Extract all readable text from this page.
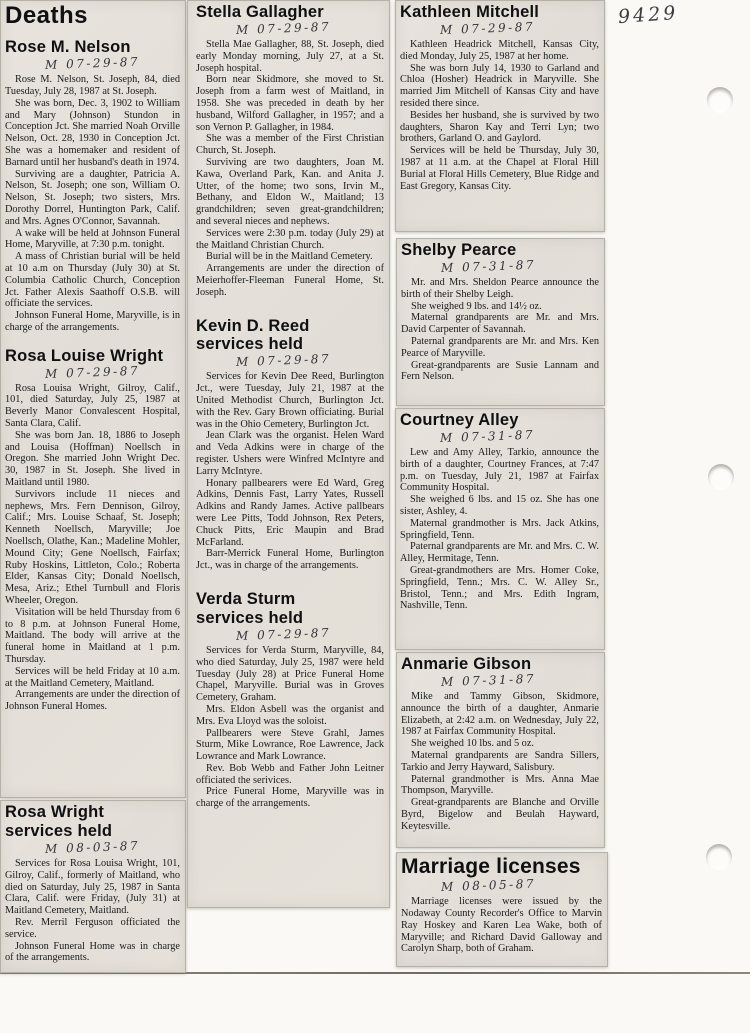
9429
Deaths
Rose M. Nelson
M 07-29-87

Rose M. Nelson, St. Joseph, 84, died Tuesday, July 28, 1987 at St. Joseph.

She was born, Dec. 3, 1902 to William and Mary (Johnson) Stundon in Conception Jct. She married Noah Orville Nelson, Oct. 28, 1930 in Conception Jct. She was a homemaker and resident of Barnard until her husband's death in 1974.

Surviving are a daughter, Patricia A. Nelson, St. Joseph; one son, William O. Nelson, St. Joseph; two sisters, Mrs. Dorothy Dorrel, Huntington Park, Calif. and Mrs. Agnes O'Connor, Savannah.

A wake will be held at Johnson Funeral Home, Maryville, at 7:30 p.m. tonight.

A mass of Christian burial will be held at 10 a.m on Thursday (July 30) at St. Columbia Catholic Church, Conception Jct. Father Alexis Saathoff O.S.B. will officiate the services.

Johnson Funeral Home, Maryville, is in charge of the arrangements.

Rosa Louise Wright
M 07-29-87

Rosa Louisa Wright, Gilroy, Calif., 101, died Saturday, July 25, 1987 at Beverly Manor Convalescent Hospital, Santa Clara, Calif.

She was born Jan. 18, 1886 to Joseph and Louisa (Hoffman) Noellsch in Oregon. She married John Wright Dec. 30, 1987 in St. Joseph. She lived in Maitland until 1980.

Survivors include 11 nieces and nephews, Mrs. Fern Dennison, Gilroy, Calif.; Mrs. Louise Schaaf, St. Joseph; Kenneth Noellsch, Maryville; Joe Noellsch, Olathe, Kan.; Madeline Mohler, Mound City; Gene Noellsch, Fairfax; Ruby Hoskins, Littleton, Colo.; Roberta Elder, Kansas City; Donald Noellsch, Mesa, Ariz.; Ethel Turnbull and Floris Wheeler, Oregon.

Visitation will be held Thursday from 6 to 8 p.m. at Johnson Funeral Home, Maitland. The body will arrive at the funeral home in Maitland at 1 p.m. Thursday.

Services will be held Friday at 10 a.m. at the Maitland Cemetery, Maitland.

Arrangements are under the direction of Johnson Funeral Homes.

Rosa Wright
services held
M 08-03-87

Services for Rosa Louisa Wright, 101, Gilroy, Calif., formerly of Maitland, who died on Saturday, July 25, 1987 in Santa Clara, Calif. were Friday, (July 31) at Maitland Cemetery, Maitland.

Rev. Merril Ferguson officiated the service.

Johnson Funeral Home was in charge of the arrangements.

Stella Gallagher
M 07-29-87

Stella Mae Gallagher, 88, St. Joseph, died early Monday morning, July 27, at a St. Joseph hospital.

Born near Skidmore, she moved to St. Joseph from a farm west of Maitland, in 1958. She was preceded in death by her husband, Wilford Gallagher, in 1957; and a son Vernon P. Gallagher, in 1984.

She was a member of the First Christian Church, St. Joseph.

Surviving are two daughters, Joan M. Kawa, Overland Park, Kan. and Anita J. Utter, of the home; two sons, Irvin M., Bethany, and Eldon W., Maitland; 13 grandchildren; seven great-grandchildren; and several nieces and nephews.

Services were 2:30 p.m. today (July 29) at the Maitland Christian Church.

Burial will be in the Maitland Cemetery.

Arrangements are under the direction of Meierhoffer-Fleeman Funeral Home, St. Joseph.

Kevin D. Reed
services held
M 07-29-87

Services for Kevin Dee Reed, Burlington Jct., were Tuesday, July 21, 1987 at the United Methodist Church, Burlington Jct. with the Rev. Gary Brown officiating. Burial was in the Ohio Cemetery, Burlington Jct.

Jean Clark was the organist. Helen Ward and Veda Adkins were in charge of the register. Ushers were Winfred McIntyre and Larry McIntyre.

Honary pallbearers were Ed Ward, Greg Adkins, Dennis Fast, Larry Yates, Russell Adkins and Randy James. Active pallbears were Lee Pitts, Todd Johnson, Rex Peters, Chuck Pitts, Eric Maupin and Brad McFarland.

Barr-Merrick Funeral Home, Burlington Jct., was in charge of the arrangements.

Verda Sturm
services held
M 07-29-87

Services for Verda Sturm, Maryville, 84, who died Saturday, July 25, 1987 were held Tuesday (July 28) at Price Funeral Home Chapel, Maryville. Burial was in Groves Cemetery, Graham.

Mrs. Eldon Asbell was the organist and Mrs. Eva Lloyd was the soloist.

Pallbearers were Steve Grahl, James Sturm, Mike Lowrance, Roe Lawrence, Jack Lowrance and Mark Lowrance.

Rev. Bob Webb and Father John Leitner officiated the serivices.

Price Funeral Home, Maryville was in charge of the arrangements.

Kathleen Mitchell
M 07-29-87

Kathleen Headrick Mitchell, Kansas City, died Monday, July 25, 1987 at her home.

She was born July 14, 1930 to Garland and Chloa (Hosher) Headrick in Maryville. She married Jim Mitchell of Kansas City and have resided there since.

Besides her husband, she is survived by two daughters, Sharon Kay and Terri Lyn; two brothers, Garland O. and Gaylord.

Services will be held be Thursday, July 30, 1987 at 11 a.m. at the Chapel at Floral Hill Burial at Floral Hills Cemetery, Blue Ridge and East Gregory, Kansas City.

Shelby Pearce
M 07-31-87

Mr. and Mrs. Sheldon Pearce announce the birth of their Shelby Leigh.

She weighed 9 lbs. and 14½ oz.

Maternal grandparents are Mr. and Mrs. David Carpenter of Savannah.

Paternal grandparents are Mr. and Mrs. Ken Pearce of Maryville.

Great-grandparents are Susie Lannam and Fern Nelson.

Courtney Alley
M 07-31-87

Lew and Amy Alley, Tarkio, announce the birth of a daughter, Courtney Frances, at 7:47 p.m. on Tuesday, July 21, 1987 at Fairfax Community Hospital.

She weighed 6 lbs. and 15 oz. She has one sister, Ashley, 4.

Maternal grandmother is Mrs. Jack Atkins, Springfield, Tenn.

Paternal grandparents are Mr. and Mrs. C. W. Alley, Hermitage, Tenn.

Great-grandmothers are Mrs. Homer Coke, Springfield, Tenn.; Mrs. C. W. Alley Sr., Bristol, Tenn.; and Mrs. Edith Ingram, Nashville, Tenn.

Anmarie Gibson
M 07-31-87

Mike and Tammy Gibson, Skidmore, announce the birth of a daughter, Anmarie Elizabeth, at 2:42 a.m. on Wednesday, July 22, 1987 at Fairfax Community Hospital.

She weighed 10 lbs. and 5 oz.

Maternal grandparents are Sandra Sillers, Tarkio and Jerry Hayward, Salisbury.

Paternal grandmother is Mrs. Anna Mae Thompson, Maryville.

Great-grandparents are Blanche and Orville Byrd, Bigelow and Beulah Hayward, Keytesville.

Marriage licenses
M 08-05-87

Marriage licenses were issued by the Nodaway County Recorder's Office to Marvin Ray Hoskey and Karen Lea Wake, both of Maryville; and Richard David Galloway and Carolyn Sharp, both of Graham.
